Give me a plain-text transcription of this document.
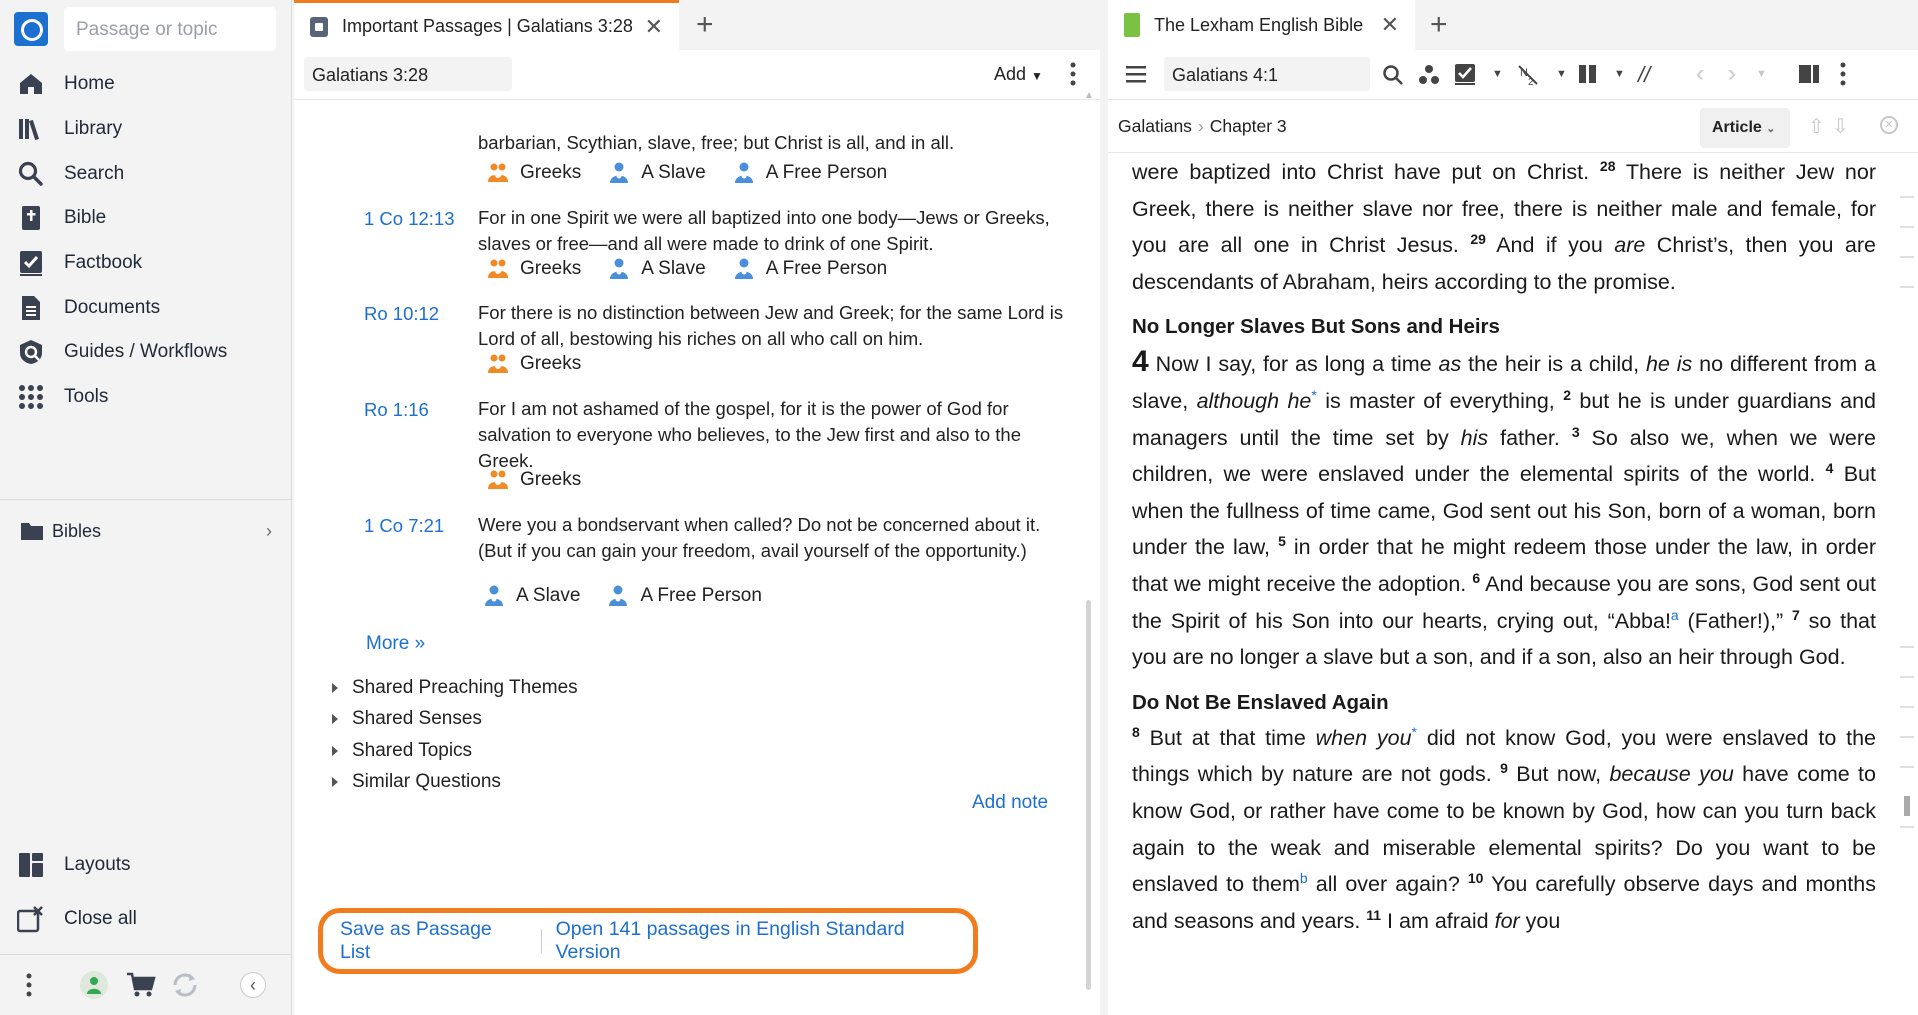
Passage or topic
Home
Library
Search
Bible
Factbook
Documents
Guides / Workflows
Tools
Bibles	›
Layouts
Close all
‹
Important Passages | Galatians 3:28 ✕ +
Galatians 3:28	Add ▼
barbarian, Scythian, slave, free; but Christ is all, and in all.
Greeks	A Slave	A Free Person
1 Co 12:13 For in one Spirit we were all baptized into one body—Jews or Greeks, slaves or free—and all were made to drink of one Spirit.
Greeks	A Slave	A Free Person
Ro 10:12 For there is no distinction between Jew and Greek; for the same Lord is Lord of all, bestowing his riches on all who call on him.
Greeks
Ro 1:16	For I am not ashamed of the gospel, for it is the power of God for salvation to everyone who believes, to the Jew first and also to the Greek.
Greeks
1 Co 7:21 Were you a bondservant when called? Do not be concerned about it. (But if you can gain your freedom, avail yourself of the opportunity.)
A Slave	A Free Person
More »
Shared Preaching Themes
Shared Senses
Shared Topics
Similar Questions
▲
Save as Passage List
Open 141 passages in English Standard Version
Add note
The Lexham English Bible ✕ +
Galatians 4:1	▼ N
2
▼	▼ // ‹ › ▼
Galatians › Chapter 3	Article ⌄	⇧ ⇩	✕

were baptized into Christ have put on Christ. $^{28}$ There is neither Jew nor Greek, there is neither slave nor free, there is neither male and female, for you are all one in Christ Jesus. $^{29}$ And if you are Christ’s, then you are descendants of Abraham, heirs according to the promise.

No Longer Slaves But Sons and Heirs

4 Now I say, for as long a time as the heir is a child, he is no different from a slave, although he* is master of everything, $^2$ but he is under guardians and managers until the time set by his father. $^3$ So also we, when we were children, we were enslaved under the elemental spirits of the world. $^4$ But when the fullness of time came, God sent out his Son, born of a woman, born under the law, $^5$ in order that he might redeem those under the law, in order that we might receive the adoption. $^6$ And because you are sons, God sent out the Spirit of his Son into our hearts, crying out, “Abba!$^a$ (Father!),” $^7$ so that you are no longer a slave but a son, and if a son, also an heir through God.

Do Not Be Enslaved Again

$^8$ But at that time when you* did not know God, you were enslaved to the things which by nature are not gods. $^9$ But now, because you have come to know God, or rather have come to be known by God, how can you turn back again to the weak and miserable elemental spirits? Do you want to be enslaved to them$^b$ all over again? $^{10}$ You carefully observe days and months and seasons and years. $^{11}$ I am afraid for you
